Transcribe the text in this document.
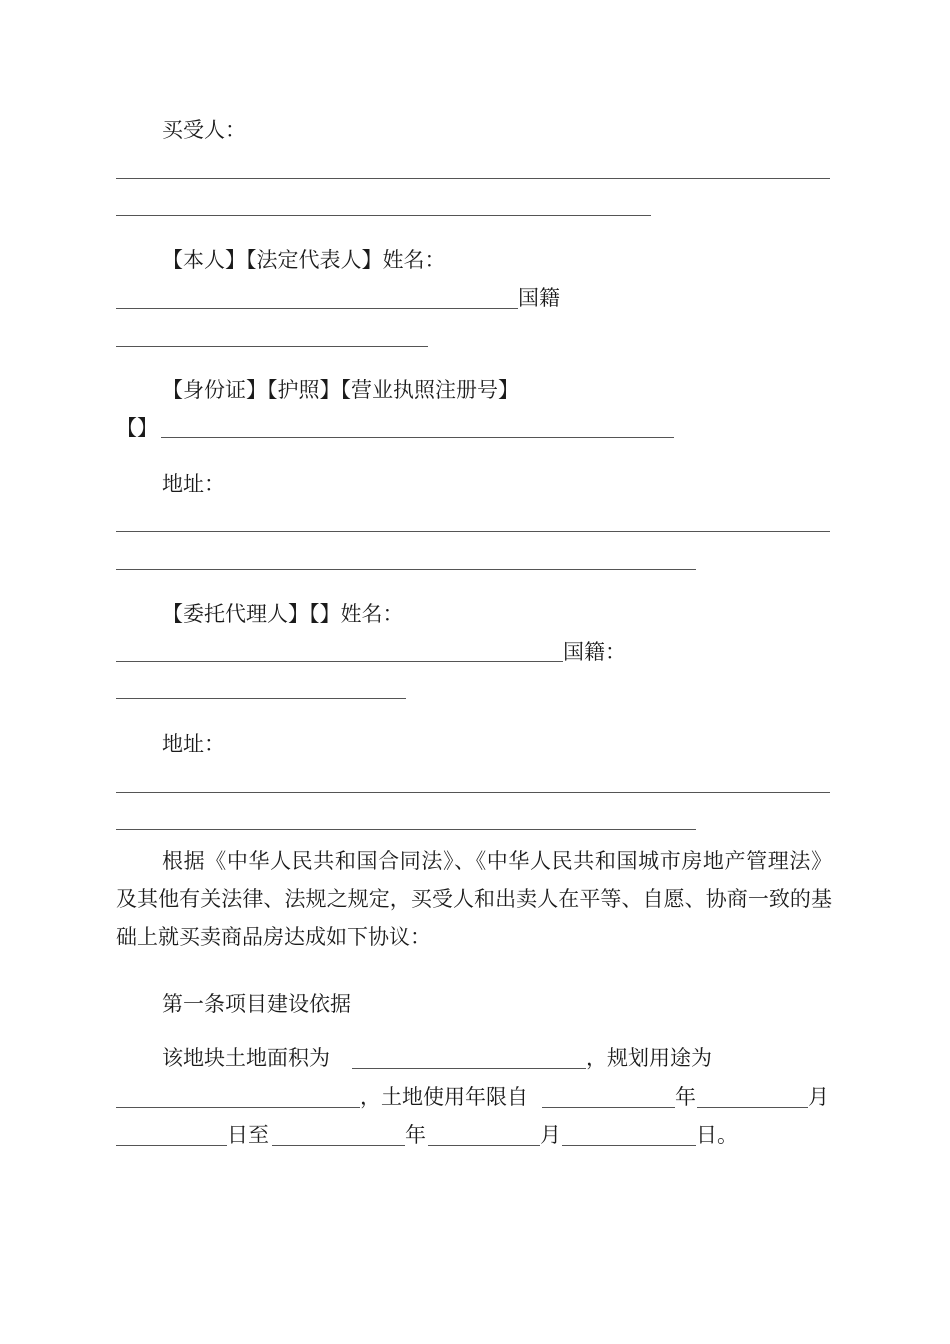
买受人：
【本人】【法定代表人】姓名：
国籍
【身份证】【护照】【营业执照注册号】
【】
地址：
【委托代理人】【】姓名：
国籍：
地址：

根据《中华人民共和国合同法》、《中华人民共和国城市房地产管理法》及其他有关法律、法规之规定，买受人和出卖人在平等、自愿、协商一致的基础上就买卖商品房达成如下协议：

第一条项目建设依据
该地块土地面积为	，规划用途为
，土地使用年限自	年	月
日至	年	月	日。
